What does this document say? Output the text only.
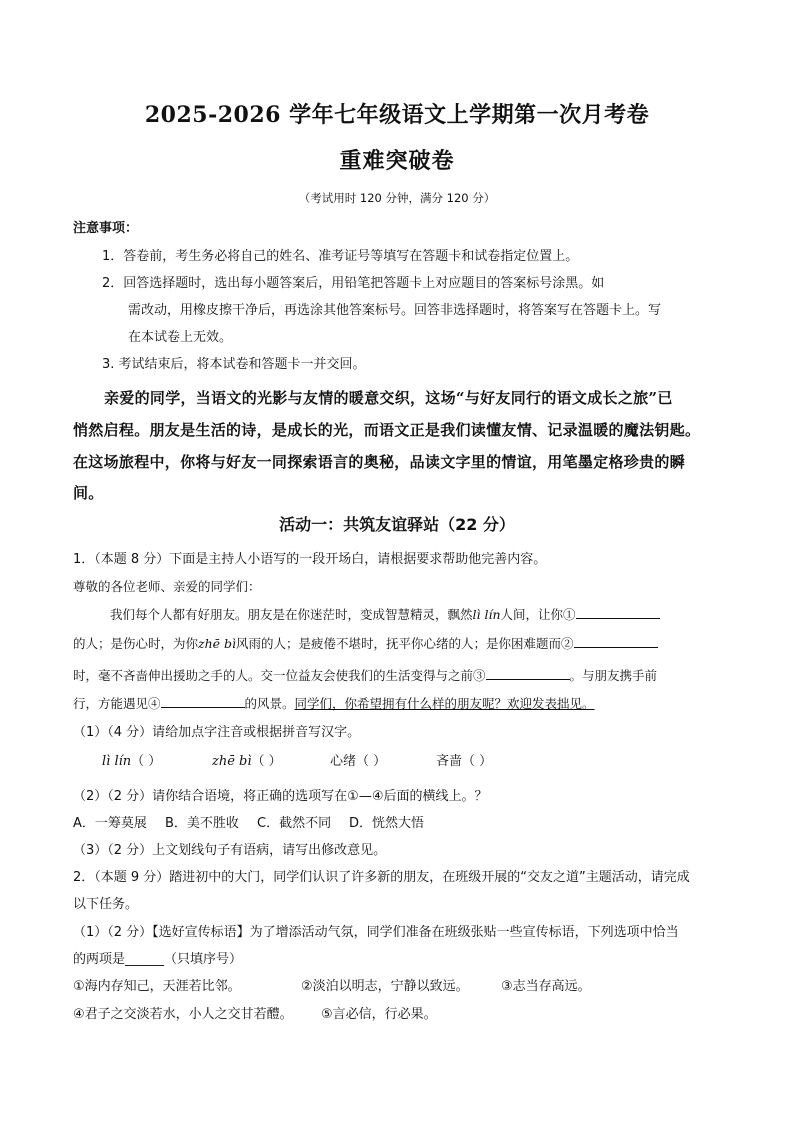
2025-2026 学年七年级语文上学期第一次月考卷
重难突破卷
（考试用时 120 分钟，满分 120 分）
注意事项：
1．答卷前，考生务必将自己的姓名、准考证号等填写在答题卡和试卷指定位置上。
2．回答选择题时，选出每小题答案后，用铅笔把答题卡上对应题目的答案标号涂黑。如
需改动，用橡皮擦干净后，再选涂其他答案标号。回答非选择题时，将答案写在答题卡上。写
在本试卷上无效。
3. 考试结束后，将本试卷和答题卡一并交回。
亲爱的同学，当语文的光影与友情的暖意交织，这场“与好友同行的语文成长之旅”已
悄然启程。朋友是生活的诗，是成长的光，而语文正是我们读懂友情、记录温暖的魔法钥匙。
在这场旅程中，你将与好友一同探索语言的奥秘，品读文字里的情谊，用笔墨定格珍贵的瞬
间。
活动一：共筑友谊驿站（22 分）
1．（本题 8 分）下面是主持人小语写的一段开场白，请根据要求帮助他完善内容。
尊敬的各位老师、亲爱的同学们：
我们每个人都有好朋友。朋友是在你迷茫时，变成智慧精灵，飘然lì lín人间，让你①
的人；是伤心时，为你zhē bì风雨的人；是疲倦不堪时，抚平你心绪的人；是你困难题而②
时，毫不吝啬伸出援助之手的人。交一位益友会使我们的生活变得与之前③	。与朋友携手前
行，方能遇见④	的风景。同学们，你希望拥有什么样的朋友呢？欢迎发表拙见。
（1）（4 分）请给加点字注音或根据拼音写汉字。
lì lín（ ）	zhē bì（ ）	心绪（ ）	吝啬（ ）
（2）（2 分）请你结合语境，将正确的选项写在①—④后面的横线上。？
A．一筹莫展 B．美不胜收 C．截然不同 D．恍然大悟
（3）（2 分）上文划线句子有语病，请写出修改意见。
2．（本题 9 分）踏进初中的大门，同学们认识了许多新的朋友，在班级开展的“交友之道”主题活动，请完成
以下任务。
（1）（2 分）【选好宣传标语】为了增添活动气氛，同学们准备在班级张贴一些宣传标语，下列选项中恰当
的两项是______（只填序号）
①海内存知己，天涯若比邻。	②淡泊以明志，宁静以致远。 ③志当存高远。
④君子之交淡若水，小人之交甘若醴。 ⑤言必信，行必果。
